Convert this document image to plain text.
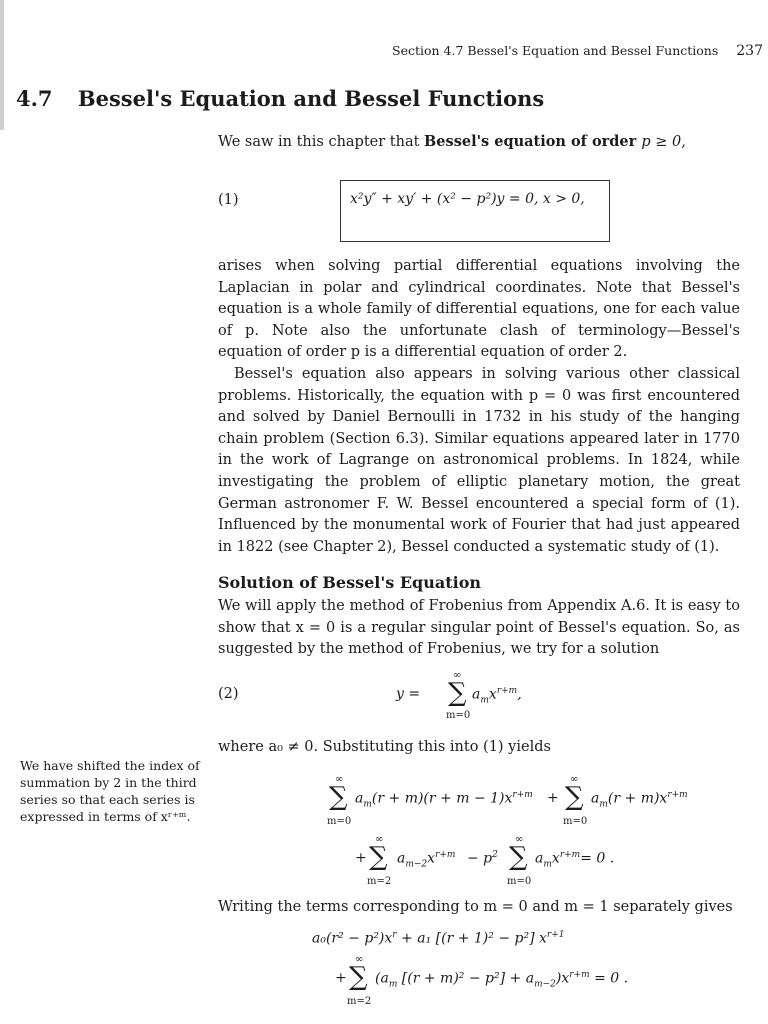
Section 4.7 Bessel's Equation and Bessel Functions 237
4.7 Bessel's Equation and Bessel Functions
We saw in this chapter that Bessel's equation of order p ≥ 0,
(1)	x²y″ + xy′ + (x² − p²)y = 0, x > 0,

arises when solving partial differential equations involving the Laplacian in polar and cylindrical coordinates. Note that Bessel's equation is a whole family of differential equations, one for each value of p. Note also the unfortunate clash of terminology—Bessel's equation of order p is a differential equation of order 2.

Bessel's equation also appears in solving various other classical problems. Historically, the equation with p = 0 was first encountered and solved by Daniel Bernoulli in 1732 in his study of the hanging chain problem (Section 6.3). Similar equations appeared later in 1770 in the work of Lagrange on astronomical problems. In 1824, while investigating the problem of elliptic planetary motion, the great German astronomer F. W. Bessel encountered a special form of (1). Influenced by the monumental work of Fourier that had just appeared in 1822 (see Chapter 2), Bessel conducted a systematic study of (1).

Solution of Bessel's Equation

We will apply the method of Frobenius from Appendix A.6. It is easy to show that x = 0 is a regular singular point of Bessel's equation. So, as suggested by the method of Frobenius, we try for a solution

(2)	y =
∞
∑
m=0
$a_mx^{r+m}$,
where a₀ ≠ 0. Substituting this into (1) yields
We have shifted the index of summation by 2 in the third series so that each series is expressed in terms of xʳ⁺ᵐ.
∞
∑
m=0
$a_m(r + m)(r + m - 1)x^{r+m}$ +
∞
∑
m=0
$a_m(r + m)x^{r+m}$
+
∞
∑
m=2
$a_{m-2}x^{r+m} - p^2$
∞
∑
m=0
$a_mx^{r+m}= 0$ .
Writing the terms corresponding to m = 0 and m = 1 separately gives
$a_0(r^2 - p^2)x^r + a_1$ [(r + 1)² − p²] $x^{r+1}$
+
∞
∑
m=2
($a_m$ $[(r + m)^2 - p^2] + a_{m-2})x^{r+m} = 0$ .
